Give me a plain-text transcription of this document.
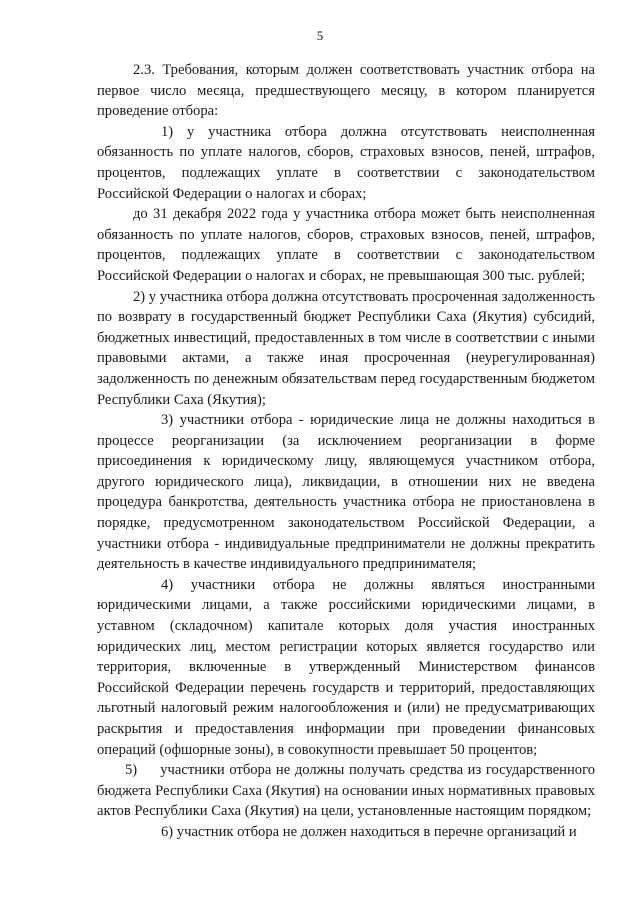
5

2.3. Требования, которым должен соответствовать участник отбора на первое число месяца, предшествующего месяцу, в котором планируется проведение отбора:

1) у участника отбора должна отсутствовать неисполненная обязанность по уплате налогов, сборов, страховых взносов, пеней, штрафов, процентов, подлежащих уплате в соответствии с законодательством Российской Федерации о налогах и сборах;

до 31 декабря 2022 года у участника отбора может быть неисполненная обязанность по уплате налогов, сборов, страховых взносов, пеней, штрафов, процентов, подлежащих уплате в соответствии с законодательством Российской Федерации о налогах и сборах, не превышающая 300 тыс. рублей;

2) у участника отбора должна отсутствовать просроченная задолженность по возврату в государственный бюджет Республики Саха (Якутия) субсидий, бюджетных инвестиций, предоставленных в том числе в соответствии с иными правовыми актами, а также иная просроченная (неурегулированная) задолженность по денежным обязательствам перед государственным бюджетом Республики Саха (Якутия);

3) участники отбора - юридические лица не должны находиться в процессе реорганизации (за исключением реорганизации в форме присоединения к юридическому лицу, являющемуся участником отбора, другого юридического лица), ликвидации, в отношении них не введена процедура банкротства, деятельность участника отбора не приостановлена в порядке, предусмотренном законодательством Российской Федерации, а участники отбора - индивидуальные предприниматели не должны прекратить деятельность в качестве индивидуального предпринимателя;

4) участники отбора не должны являться иностранными юридическими лицами, а также российскими юридическими лицами, в уставном (складочном) капитале которых доля участия иностранных юридических лиц, местом регистрации которых является государство или территория, включенные в утвержденный Министерством финансов Российской Федерации перечень государств и территорий, предоставляющих льготный налоговый режим налогообложения и (или) не предусматривающих раскрытия и предоставления информации при проведении финансовых операций (офшорные зоны), в совокупности превышает 50 процентов;

5)     участники отбора не должны получать средства из государственного бюджета Республики Саха (Якутия) на основании иных нормативных правовых актов Республики Саха (Якутия) на цели, установленные настоящим порядком;

6) участник отбора не должен находиться в перечне организаций и
